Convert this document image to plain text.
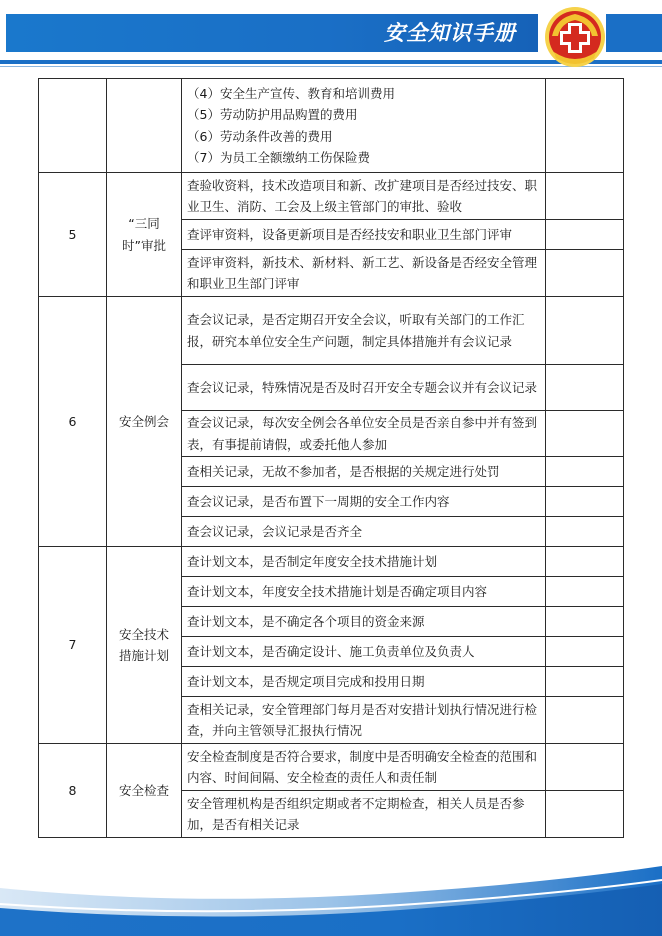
安全知识手册

		（4）安全生产宣传、教育和培训费用
（5）劳动防护用品购置的费用
（6）劳动条件改善的费用
（7）为员工全额缴纳工伤保险费	

5	“三同时”审批	查验收资料，技术改造项目和新、改扩建项目是否经过技安、职业卫生、消防、工会及上级主管部门的审批、验收	
		查评审资料，设备更新项目是否经技安和职业卫生部门评审	
		查评审资料，新技术、新材料、新工艺、新设备是否经安全管理和职业卫生部门评审	
6	安全例会	查会议记录，是否定期召开安全会议，听取有关部门的工作汇报，研究本单位安全生产问题，制定具体措施并有会议记录	
		查会议记录，特殊情况是否及时召开安全专题会议并有会议记录	
		查会议记录，每次安全例会各单位安全员是否亲自参中并有签到表，有事提前请假，或委托他人参加	
		查相关记录，无故不参加者，是否根据的关规定进行处罚	
		查会议记录，是否布置下一周期的安全工作内容	
		查会议记录，会议记录是否齐全	
7	安全技术措施计划	查计划文本，是否制定年度安全技术措施计划	
		查计划文本，年度安全技术措施计划是否确定项目内容	
		查计划文本，是不确定各个项目的资金来源	
		查计划文本，是否确定设计、施工负责单位及负责人	
		查计划文本，是否规定项目完成和投用日期	
		查相关记录，安全管理部门每月是否对安措计划执行情况进行检查，并向主管领导汇报执行情况	
8	安全检查	安全检查制度是否符合要求，制度中是否明确安全检查的范围和内容、时间间隔、安全检查的责任人和责任制	
		安全管理机构是否组织定期或者不定期检查，相关人员是否参加，是否有相关记录	
